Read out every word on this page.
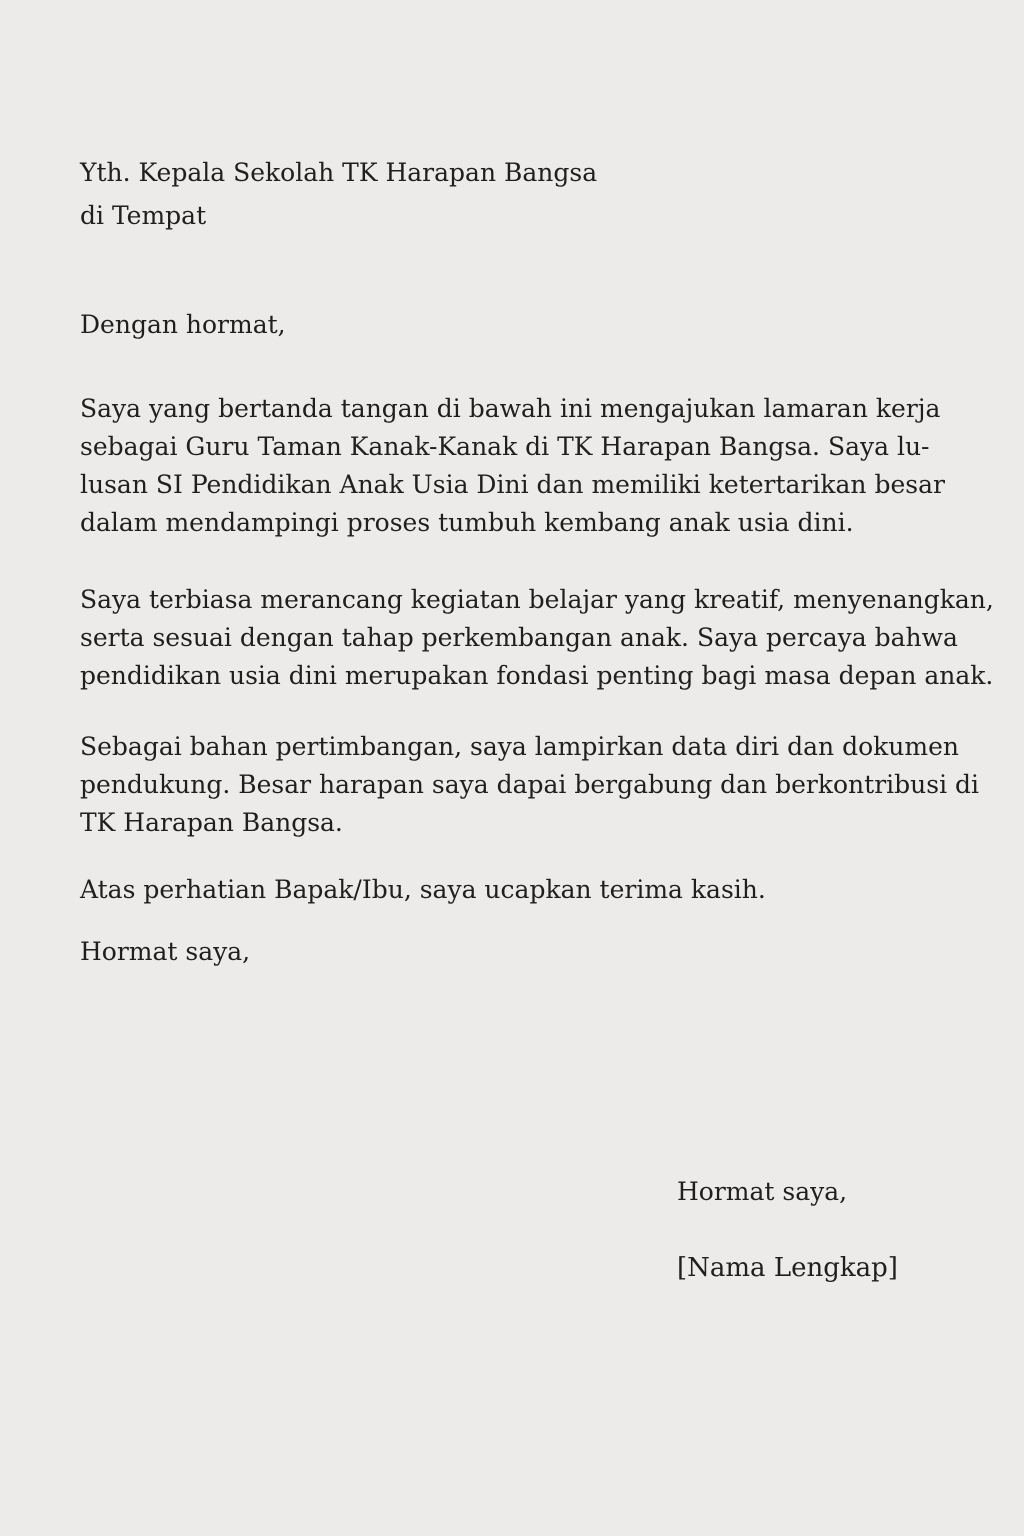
Yth. Kepala Sekolah TK Harapan Bangsa
di Tempat
Dengan hormat,
Saya yang bertanda tangan di bawah ini mengajukan lamaran kerja
sebagai Guru Taman Kanak-Kanak di TK Harapan Bangsa. Saya lu-
lusan SI Pendidikan Anak Usia Dini dan memiliki ketertarikan besar
dalam mendampingi proses tumbuh kembang anak usia dini.
Saya terbiasa merancang kegiatan belajar yang kreatif, menyenangkan,
serta sesuai dengan tahap perkembangan anak. Saya percaya bahwa
pendidikan usia dini merupakan fondasi penting bagi masa depan anak.
Sebagai bahan pertimbangan, saya lampirkan data diri dan dokumen
pendukung. Besar harapan saya dapai bergabung dan berkontribusi di
TK Harapan Bangsa.
Atas perhatian Bapak/Ibu, saya ucapkan terima kasih.
Hormat saya,
Hormat saya,
[Nama Lengkap]
